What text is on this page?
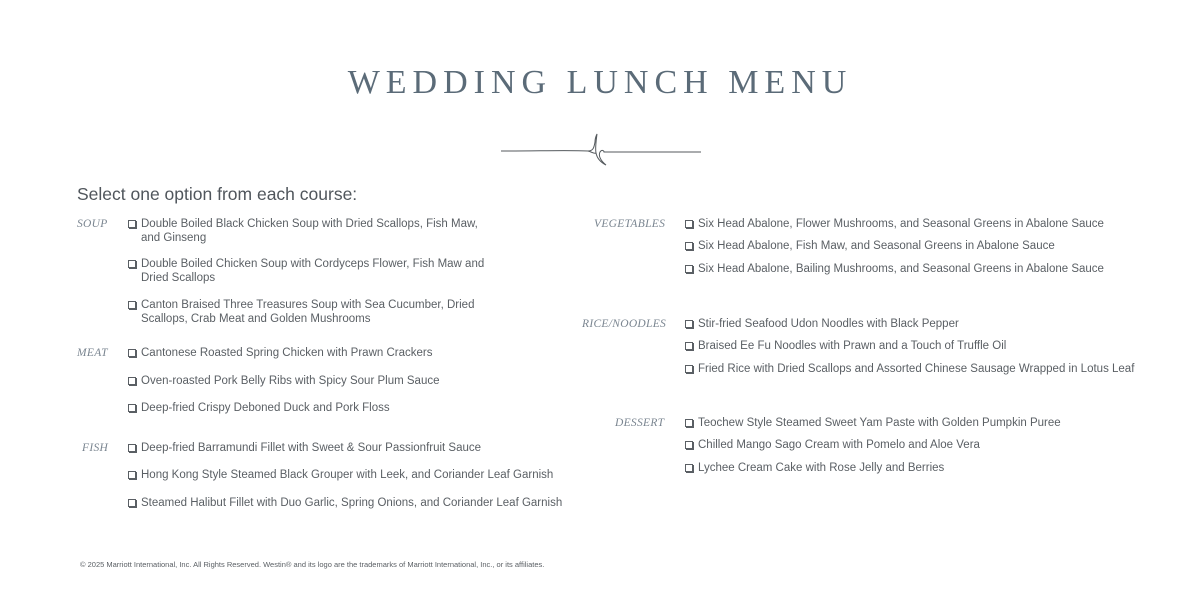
WEDDING LUNCH MENU
Select one option from each course:
SOUP	Double Boiled Black Chicken Soup with Dried Scallops, Fish Maw, and Ginseng
Double Boiled Chicken Soup with Cordyceps Flower, Fish Maw and Dried Scallops
Canton Braised Three Treasures Soup with Sea Cucumber, Dried Scallops, Crab Meat and Golden Mushrooms
MEAT	Cantonese Roasted Spring Chicken with Prawn Crackers
Oven-roasted Pork Belly Ribs with Spicy Sour Plum Sauce
Deep-fried Crispy Deboned Duck and Pork Floss
FISH	Deep-fried Barramundi Fillet with Sweet & Sour Passionfruit Sauce
Hong Kong Style Steamed Black Grouper with Leek, and Coriander Leaf Garnish
Steamed Halibut Fillet with Duo Garlic, Spring Onions, and Coriander Leaf Garnish
VEGETABLES	Six Head Abalone, Flower Mushrooms, and Seasonal Greens in Abalone Sauce
Six Head Abalone, Fish Maw, and Seasonal Greens in Abalone Sauce
Six Head Abalone, Bailing Mushrooms, and Seasonal Greens in Abalone Sauce
RICE/NOODLES	Stir-fried Seafood Udon Noodles with Black Pepper
Braised Ee Fu Noodles with Prawn and a Touch of Truffle Oil
Fried Rice with Dried Scallops and Assorted Chinese Sausage Wrapped in Lotus Leaf
DESSERT	Teochew Style Steamed Sweet Yam Paste with Golden Pumpkin Puree
Chilled Mango Sago Cream with Pomelo and Aloe Vera
Lychee Cream Cake with Rose Jelly and Berries
© 2025 Marriott International, Inc. All Rights Reserved. Westin® and its logo are the trademarks of Marriott International, Inc., or its affiliates.
